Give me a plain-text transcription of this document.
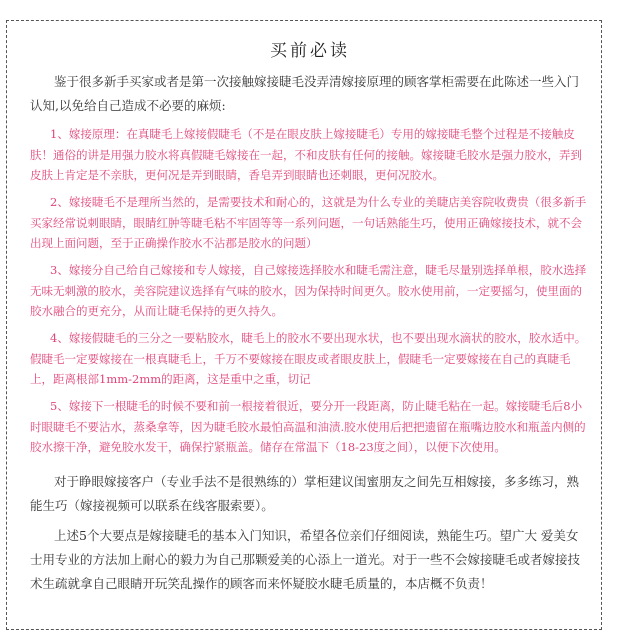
买前必读
鉴于很多新手买家或者是第一次接触嫁接睫毛没弄清嫁接原理的顾客掌柜需要在此陈述一些入门认知,以免给自己造成不必要的麻烦:
1、嫁接原理：在真睫毛上嫁接假睫毛（不是在眼皮肤上嫁接睫毛）专用的嫁接睫毛整个过程是不接触皮肤！通俗的讲是用强力胶水将真假睫毛嫁接在一起，不和皮肤有任何的接触。嫁接睫毛胶水是强力胶水，弄到皮肤上肯定是不亲肤，更何况是弄到眼睛，香皂弄到眼睛也还刺眼，更何况胶水。
2、嫁接睫毛不是理所当然的，是需要技术和耐心的，这就是为什么专业的美睫店美容院收费贵（很多新手买家经常说刺眼睛，眼睛红肿等睫毛粘不牢固等等一系列问题，一句话熟能生巧，使用正确嫁接技术，就不会出现上面问题，至于正确操作胶水不沾郡是胶水的问题）
3、嫁接分自己给自己嫁接和专人嫁接，自己嫁接选择胶水和睫毛需注意，睫毛尽量别选择单根，胶水选择无味无刺激的胶水，美容院建议选择有气味的胶水，因为保持时间更久。胶水使用前，一定要摇匀，使里面的胶水融合的更充分，从而让睫毛保持的更久持久。
4、嫁接假睫毛的三分之一要粘胶水，睫毛上的胶水不要出现水状，也不要出现水滴状的胶水，胶水适中。假睫毛一定要嫁接在一根真睫毛上，千万不要嫁接在眼皮或者眼皮肤上，假睫毛一定要嫁接在自己的真睫毛上，距离根部1mm-2mm的距离，这是重中之重，切记
5、嫁接下一根睫毛的时候不要和前一根接着很近，要分开一段距离，防止睫毛粘在一起。嫁接睫毛后8小时眼睫毛不要沾水，蒸桑拿等，因为睫毛胶水最怕高温和油渍.胶水使用后把把遗留在瓶嘴边胶水和瓶盖内侧的胶水擦干净，避免胶水发干，确保拧紧瓶盖。储存在常温下（18-23度之间），以便下次使用。
对于睁眼嫁接客户（专业手法不是很熟练的）掌柜建议闺蜜朋友之间先互相嫁接，多多练习，熟能生巧（嫁接视频可以联系在线客服索要）。
上述5个大要点是嫁接睫毛的基本入门知识，希望各位亲们仔细阅读，熟能生巧。望广大 爱美女士用专业的方法加上耐心的毅力为自己那颗爱美的心添上一道光。对于一些不会嫁接睫毛或者嫁接技术生疏就拿自己眼睛开玩笑乱操作的顾客而来怀疑胶水睫毛质量的，本店概不负责！
